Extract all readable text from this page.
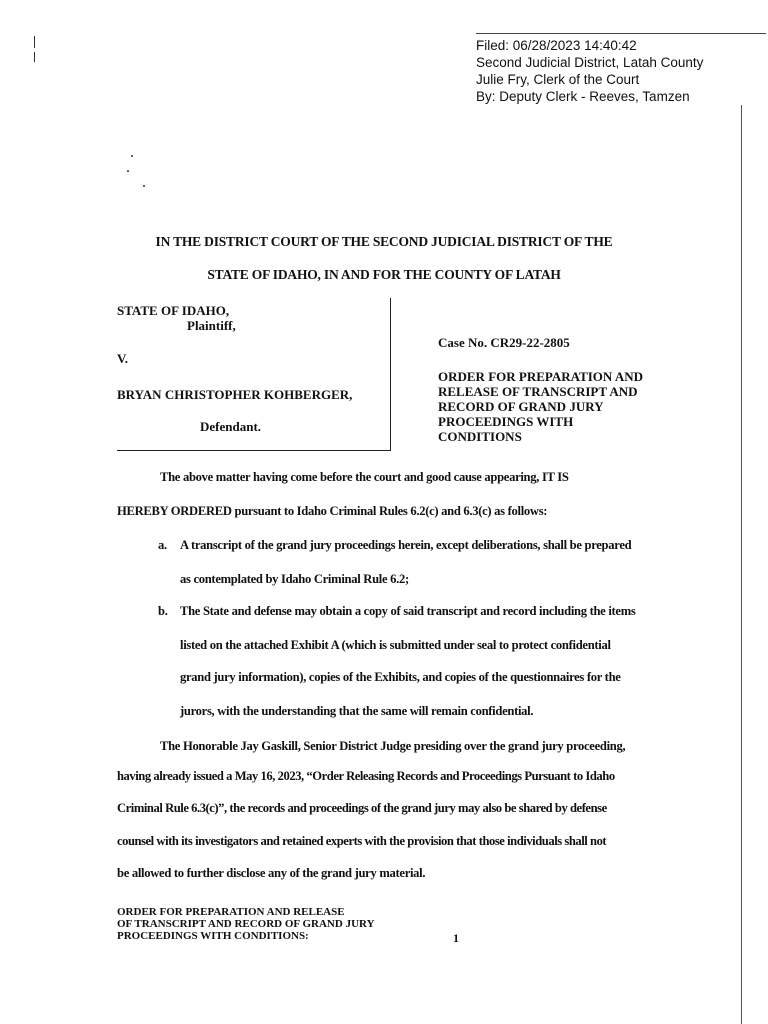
Filed: 06/28/2023 14:40:42
Second Judicial District, Latah County
Julie Fry, Clerk of the Court
By: Deputy Clerk - Reeves, Tamzen
IN THE DISTRICT COURT OF THE SECOND JUDICIAL DISTRICT OF THE
STATE OF IDAHO, IN AND FOR THE COUNTY OF LATAH
STATE OF IDAHO,
Plaintiff,
V.
BRYAN CHRISTOPHER KOHBERGER,
Defendant.
Case No. CR29-22-2805
ORDER FOR PREPARATION AND
RELEASE OF TRANSCRIPT AND
RECORD OF GRAND JURY
PROCEEDINGS WITH
CONDITIONS
The above matter having come before the court and good cause appearing, IT IS
HEREBY ORDERED pursuant to Idaho Criminal Rules 6.2(c) and 6.3(c) as follows:
a. A transcript of the grand jury proceedings herein, except deliberations, shall be prepared
as contemplated by Idaho Criminal Rule 6.2;
b. The State and defense may obtain a copy of said transcript and record including the items
listed on the attached Exhibit A (which is submitted under seal to protect confidential
grand jury information), copies of the Exhibits, and copies of the questionnaires for the
jurors, with the understanding that the same will remain confidential.
The Honorable Jay Gaskill, Senior District Judge presiding over the grand jury proceeding,
having already issued a May 16, 2023, “Order Releasing Records and Proceedings Pursuant to Idaho
Criminal Rule 6.3(c)”, the records and proceedings of the grand jury may also be shared by defense
counsel with its investigators and retained experts with the provision that those individuals shall not
be allowed to further disclose any of the grand jury material.
ORDER FOR PREPARATION AND RELEASE
OF TRANSCRIPT AND RECORD OF GRAND JURY
PROCEEDINGS WITH CONDITIONS:	1
